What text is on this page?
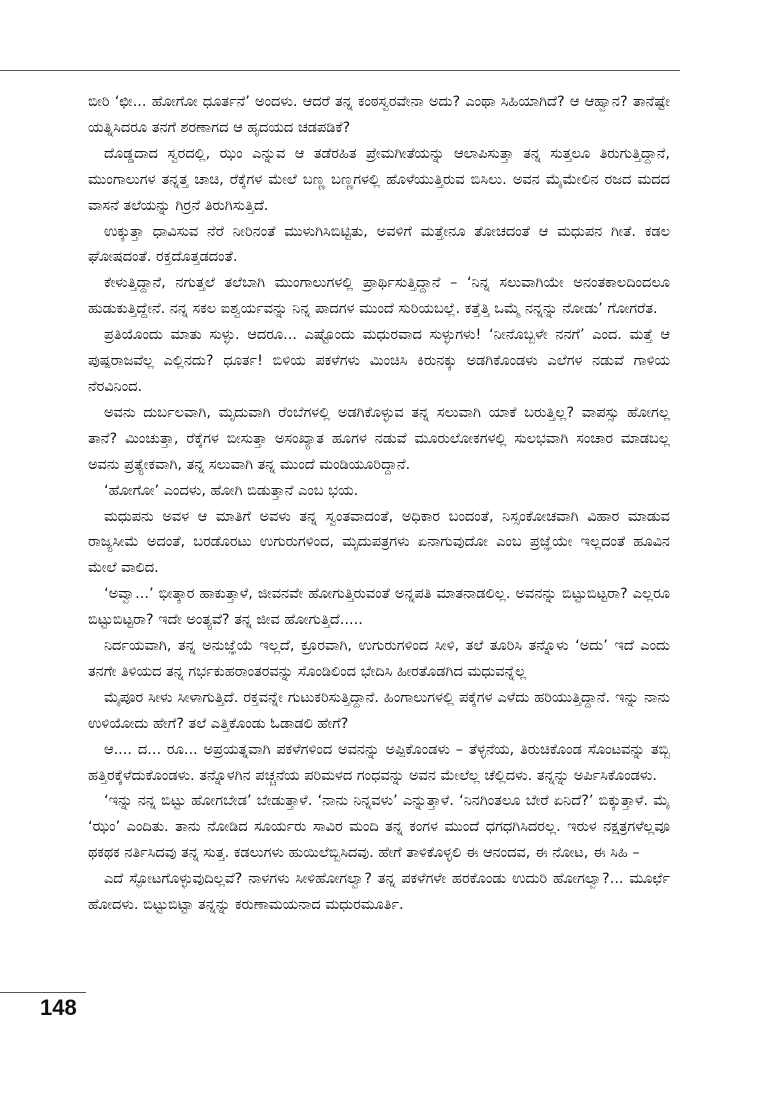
ಬೀರಿ ‘ಛೀ... ಹೋಗೋ ಧೂರ್ತನೆ’ ಅಂದಳು. ಆದರೆ ತನ್ನ ಕಂಠಸ್ವರವೇನಾ ಅದು? ಎಂಥಾ ಸಿಹಿಯಾಗಿದೆ? ಆ ಆಹ್ವಾನ? ತಾನೆಷ್ಟೇ ಯತ್ನಿಸಿದರೂ ತನಗೆ ಶರಣಾಗದ ಆ ಹೃದಯದ ಚಡಪಡಿಕೆ?

ದೊಡ್ಡದಾದ ಸ್ವರದಲ್ಲಿ, ಝಂ ಎನ್ನುವ ಆ ತಡೆರಹಿತ ಪ್ರೇಮಗೀತೆಯನ್ನು ಆಲಾಪಿಸುತ್ತಾ ತನ್ನ ಸುತ್ತಲೂ ತಿರುಗುತ್ತಿದ್ದಾನೆ, ಮುಂಗಾಲುಗಳ ತನ್ನತ್ತ ಚಾಚಿ, ರೆಕ್ಕೆಗಳ ಮೇಲೆ ಬಣ್ಣ ಬಣ್ಣಗಳಲ್ಲಿ ಹೊಳೆಯುತ್ತಿರುವ ಬಿಸಿಲು. ಅವನ ಮೈಮೇಲಿನ ರಜದ ಮದದ ವಾಸನೆ ತಲೆಯನ್ನು ಗಿರ್ರನೆ ತಿರುಗಿಸುತ್ತಿದೆ.

ಉಕ್ಕುತ್ತಾ ಧಾವಿಸುವ ನೆರೆ ನೀರಿನಂತೆ ಮುಳುಗಿಸಿಬಿಟ್ಟಿತು, ಅವಳಿಗೆ ಮತ್ತೇನೂ ತೋಚದಂತೆ ಆ ಮಧುಪನ ಗೀತೆ. ಕಡಲ ಘೋಷದಂತೆ. ರಕ್ತದೊತ್ತಡದಂತೆ.

ಕೇಳುತ್ತಿದ್ದಾನೆ, ನಗುತ್ತಲೆ ತಲೆಬಾಗಿ ಮುಂಗಾಲುಗಳಲ್ಲಿ ಪ್ರಾರ್ಥಿಸುತ್ತಿದ್ದಾನೆ – ‘ನಿನ್ನ ಸಲುವಾಗಿಯೇ ಅನಂತಕಾಲದಿಂದಲೂ ಹುಡುಕುತ್ತಿದ್ದೇನೆ. ನನ್ನ ಸಕಲ ಐಶ್ವರ್ಯವನ್ನು ನಿನ್ನ ಪಾದಗಳ ಮುಂದೆ ಸುರಿಯಬಲ್ಲೆ. ಕತ್ತೆತ್ತಿ ಒಮ್ಮೆ ನನ್ನನ್ನು ನೋಡು’ ಗೋಗರೆತ.

ಪ್ರತಿಯೊಂದು ಮಾತು ಸುಳ್ಳು. ಆದರೂ... ಎಷ್ಟೊಂದು ಮಧುರವಾದ ಸುಳ್ಳುಗಳು! ‘ನೀನೊಬ್ಬಳೇ ನನಗೆ’ ಎಂದ. ಮತ್ತೆ ಆ ಪುಷ್ಪರಾಜವೆಲ್ಲ ಎಲ್ಲಿನದು? ಧೂರ್ತ! ಬಿಳಿಯ ಪಕಳೆಗಳು ಮಿಂಚಿಸಿ ಕಿರುನಕ್ಕು ಅಡಗಿಕೊಂಡಳು ಎಲೆಗಳ ನಡುವೆ ಗಾಳಿಯ ನೆರವಿನಿಂದ.

ಅವನು ದುರ್ಬಲವಾಗಿ, ಮೃದುವಾಗಿ ರೆಂಬೆಗಳಲ್ಲಿ ಅಡಗಿಕೊಳ್ಳುವ ತನ್ನ ಸಲುವಾಗಿ ಯಾಕೆ ಬರುತ್ತಿಲ್ಲ? ವಾಪಸ್ಸು ಹೋಗಲ್ಲ ತಾನೆ? ಮಿಂಚುತ್ತಾ, ರೆಕ್ಕೆಗಳ ಬೀಸುತ್ತಾ ಅಸಂಖ್ಯಾತ ಹೂಗಳ ನಡುವೆ ಮೂರುಲೋಕಗಳಲ್ಲಿ ಸುಲಭವಾಗಿ ಸಂಚಾರ ಮಾಡಬಲ್ಲ ಅವನು ಪ್ರತ್ಯೇಕವಾಗಿ, ತನ್ನ ಸಲುವಾಗಿ ತನ್ನ ಮುಂದೆ ಮಂಡಿಯೂರಿದ್ದಾನೆ.

‘ಹೋಗೋ’ ಎಂದಳು, ಹೋಗಿ ಬಿಡುತ್ತಾನೆ ಎಂಬ ಭಯ.

ಮಧುಪನು ಅವಳ ಆ ಮಾತಿಗೆ ಅವಳು ತನ್ನ ಸ್ವಂತವಾದಂತೆ, ಅಧಿಕಾರ ಬಂದಂತೆ, ನಿಸ್ಸಂಕೋಚವಾಗಿ ವಿಹಾರ ಮಾಡುವ ರಾಜ್ಯಸೀಮೆ ಅದಂತೆ, ಬರಡೊರಟು ಉಗುರುಗಳಿಂದ, ಮೃದುಪತ್ರಗಳು ಏನಾಗುವುದೋ ಎಂಬ ಪ್ರಜ್ಞೆಯೇ ಇಲ್ಲದಂತೆ ಹೂವಿನ ಮೇಲೆ ವಾಲಿದ.

‘ಅವ್ವಾ...’ ಭೀತ್ಕಾರ ಹಾಕುತ್ತಾಳೆ, ಜೀವನವೇ ಹೋಗುತ್ತಿರುವಂತೆ ಅನ್ನಪತಿ ಮಾತನಾಡಲಿಲ್ಲ. ಅವನನ್ನು ಬಿಟ್ಟುಬಿಟ್ಟರಾ? ಎಲ್ಲರೂ ಬಿಟ್ಟುಬಿಟ್ಟರಾ? ಇದೇ ಅಂತ್ಯವೆ? ತನ್ನ ಜೀವ ಹೋಗುತ್ತಿದೆ.....

ನಿರ್ದಯವಾಗಿ, ತನ್ನ ಅನುಜ್ಞೆಯೆ ಇಲ್ಲದೆ, ಕ್ರೂರವಾಗಿ, ಉಗುರುಗಳಿಂದ ಸೀಳಿ, ತಲೆ ತೂರಿಸಿ ತನ್ನೊಳು ‘ಅದು’ ಇದೆ ಎಂದು ತನಗೇ ತಿಳಿಯದ ತನ್ನ ಗರ್ಭಕುಹರಾಂತರವನ್ನು ಸೊಂಡಿಲಿಂದ ಭೇದಿಸಿ ಹೀರತೊಡಗಿದ ಮಧುವನ್ನೆಲ್ಲ

ಮೈಪೂರ ಸೀಳು ಸೀಳಾಗುತ್ತಿದೆ. ರಕ್ತವನ್ನೇ ಗುಟುಕರಿಸುತ್ತಿದ್ದಾನೆ. ಹಿಂಗಾಲುಗಳಲ್ಲಿ ಪಕ್ಕೆಗಳ ಎಳೆದು ಹರಿಯುತ್ತಿದ್ದಾನೆ. ಇನ್ನು ನಾನು ಉಳಿಯೋದು ಹೇಗೆ? ತಲೆ ಎತ್ತಿಕೊಂಡು ಓಡಾಡಲಿ ಹೇಗೆ?

ಆ.... ದ... ರೂ... ಅಪ್ರಯತ್ನವಾಗಿ ಪಕಳೆಗಳಿಂದ ಅವನನ್ನು ಅಪ್ಪಿಕೊಂಡಳು – ತೆಳ್ಳನೆಯ, ತಿರುಚಿಕೊಂಡ ಸೊಂಟವನ್ನು ತಬ್ಬಿ ಹತ್ತಿರಕ್ಕೆಳೆದುಕೊಂಡಳು. ತನ್ನೊಳಗಿನ ಪಚ್ಚನೆಯ ಪರಿಮಳದ ಗಂಧವನ್ನು ಅವನ ಮೇಲೆಲ್ಲ ಚೆಲ್ಲಿದಳು. ತನ್ನನ್ನು ಅರ್ಪಿಸಿಕೊಂಡಳು.

‘ಇನ್ನು ನನ್ನ ಬಿಟ್ಟು ಹೋಗಬೇಡ’ ಬೇಡುತ್ತಾಳೆ. ‘ನಾನು ನಿನ್ನವಳು’ ಎನ್ನುತ್ತಾಳೆ. ‘ನಿನಗಿಂತಲೂ ಬೇರೆ ಏನಿದೆ?’ ಬಿಕ್ಕುತ್ತಾಳೆ. ಮೈ ‘ಝಂ’ ಎಂದಿತು. ತಾನು ನೋಡಿದ ಸೂರ್ಯರು ಸಾವಿರ ಮಂದಿ ತನ್ನ ಕಂಗಳ ಮುಂದೆ ಧಗಧಗಿಸಿದರಲ್ಲ. ಇರುಳ ನಕ್ಷತ್ರಗಳೆಲ್ಲವೂ ಥಕಥಕ ನರ್ತಿಸಿದವು ತನ್ನ ಸುತ್ತ. ಕಡಲುಗಳು ಹುಯಿಲೆಬ್ಬಿಸಿದವು. ಹೇಗೆ ತಾಳಿಕೊಳ್ಳಲಿ ಈ ಆನಂದವ, ಈ ನೋಟ, ಈ ಸಿಹಿ –

ಎದೆ ಸ್ಫೋಟಗೊಳ್ಳುವುದಿಲ್ಲವೆ? ನಾಳಗಳು ಸೀಳಿಹೋಗಲ್ವಾ? ತನ್ನ ಪಕಳೆಗಳೇ ಹರಕೊಂಡು ಉದುರಿ ಹೋಗಲ್ವಾ?... ಮೂರ್ಛೆ ಹೋದಳು. ಬಿಟ್ಟುಬಿಟ್ಟಾ ತನ್ನನ್ನು ಕರುಣಾಮಯನಾದ ಮಧುರಮೂರ್ತಿ.

148
